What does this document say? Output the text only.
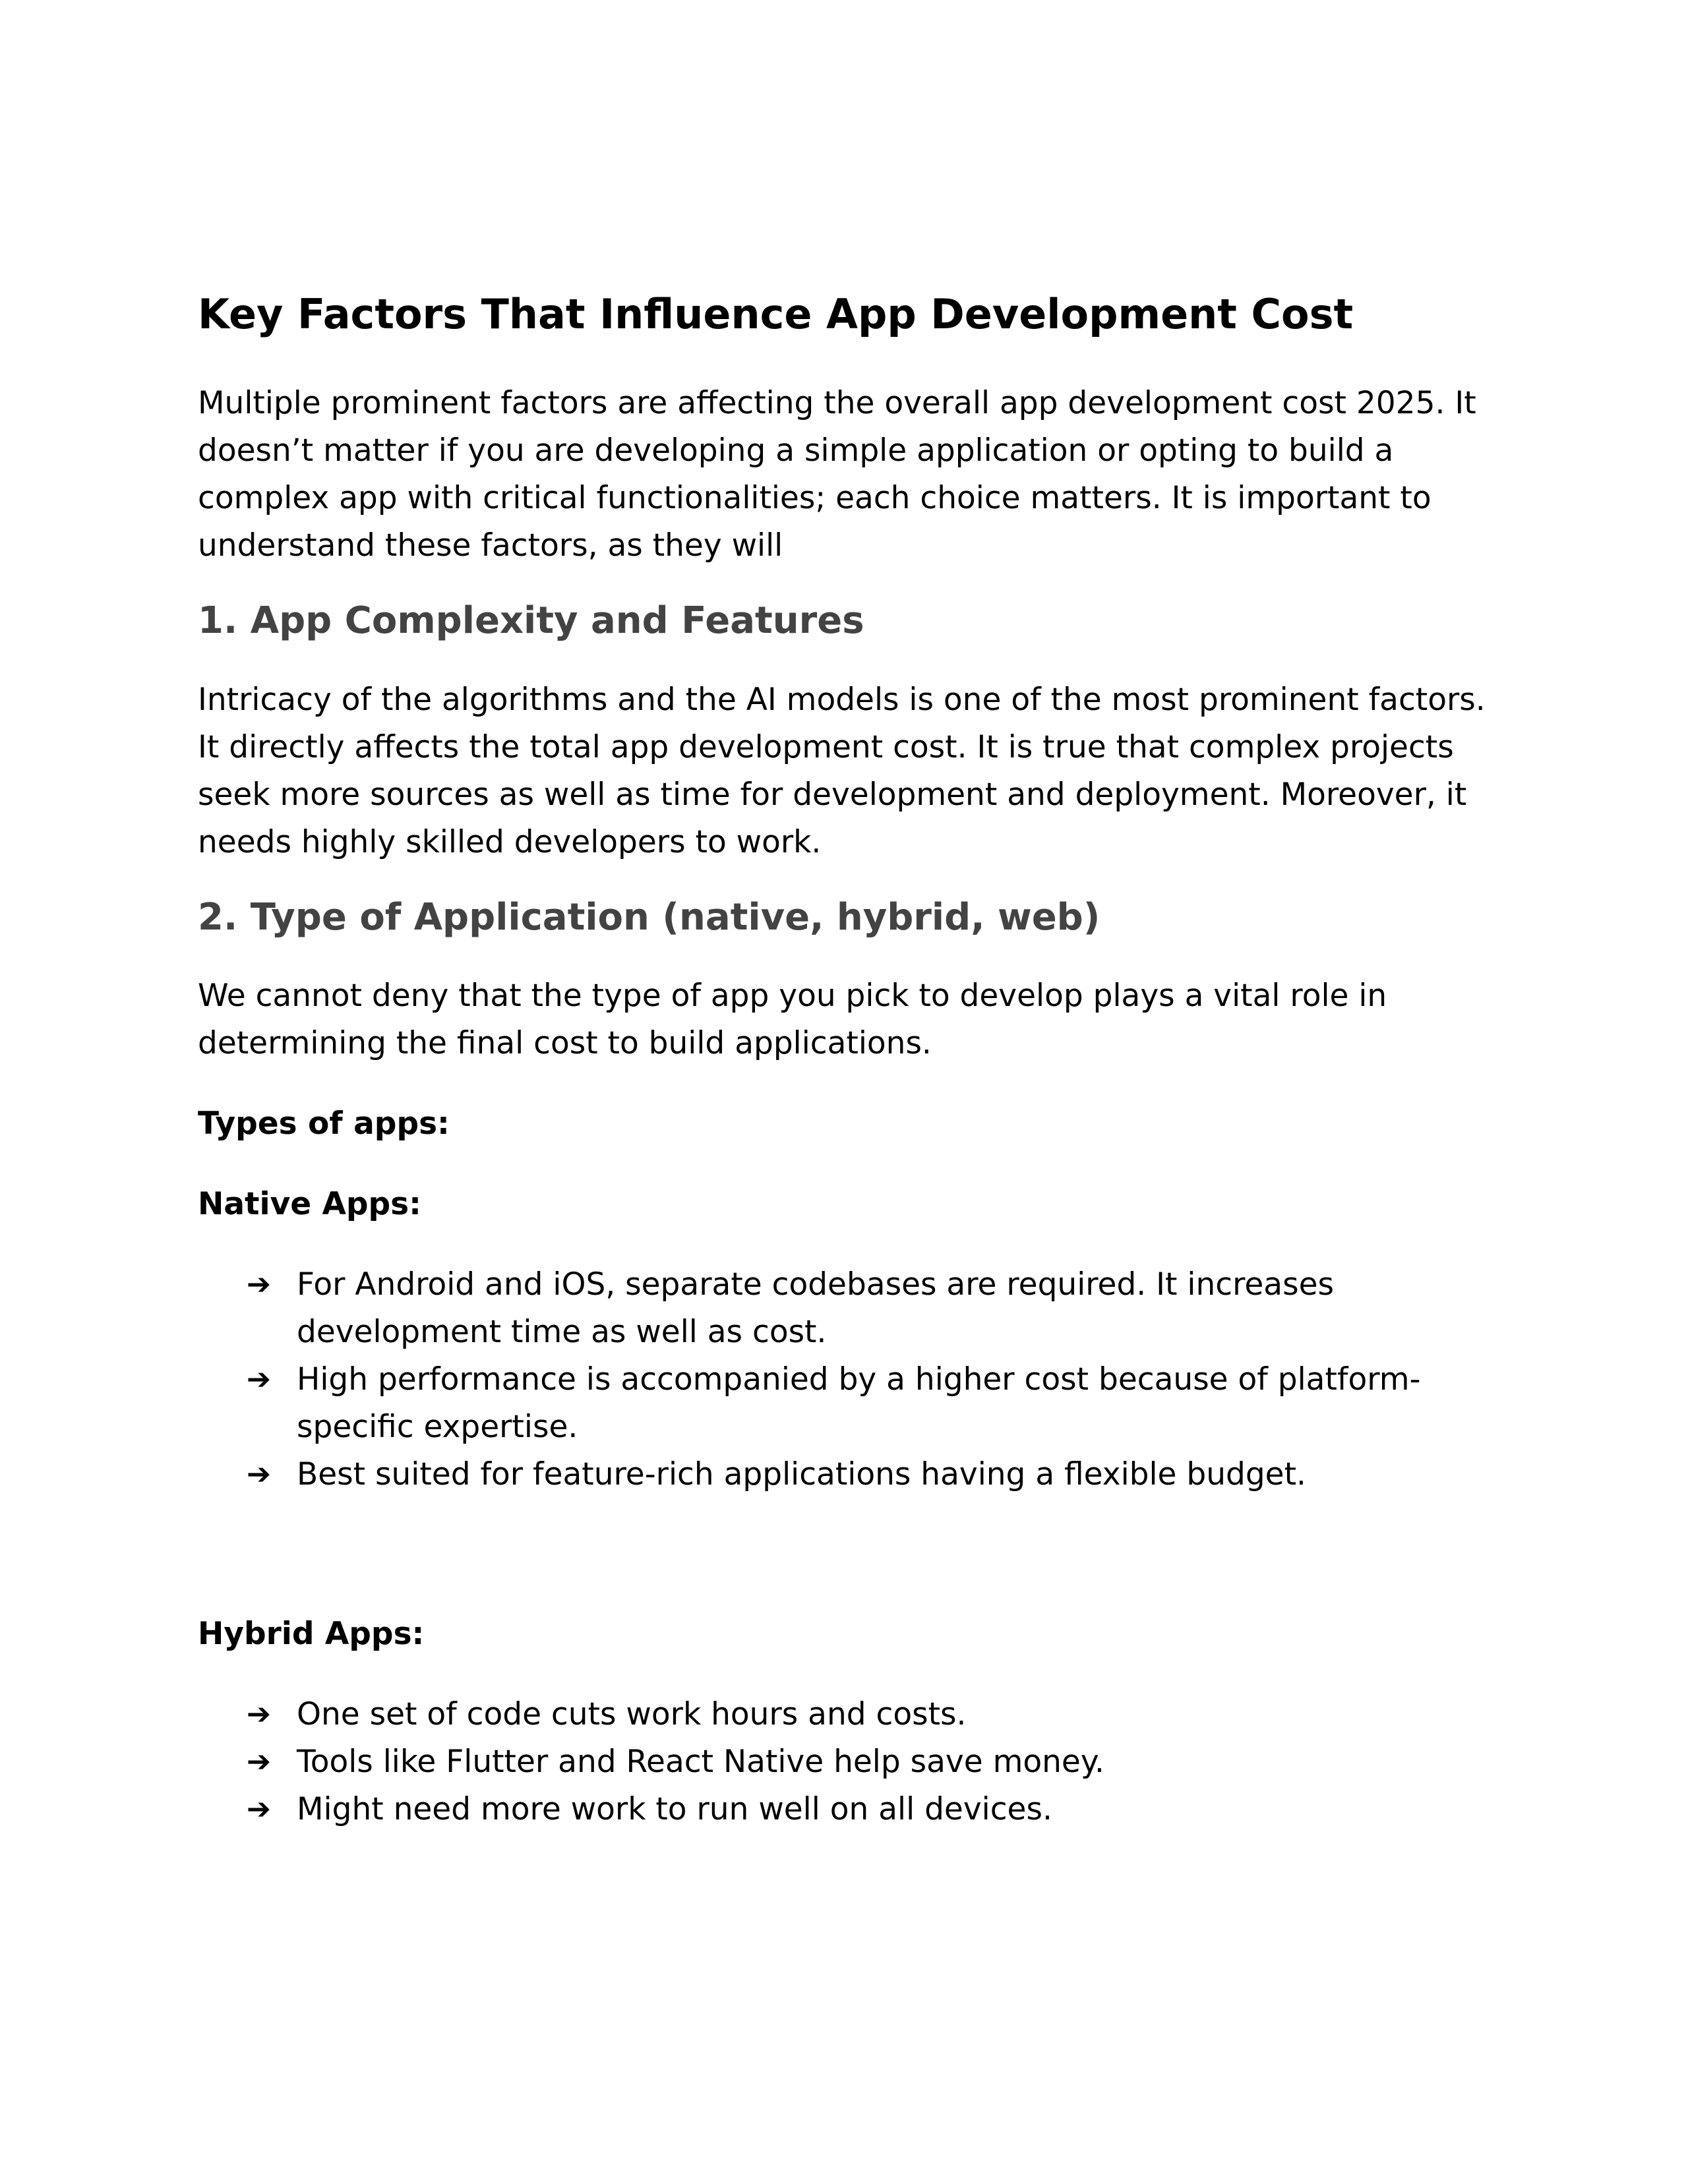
Key Factors That Influence App Development Cost

Multiple prominent factors are affecting the overall app development cost 2025. It doesn’t matter if you are developing a simple application or opting to build a complex app with critical functionalities; each choice matters. It is important to understand these factors, as they will

1. App Complexity and Features

Intricacy of the algorithms and the AI models is one of the most prominent factors. It directly affects the total app development cost. It is true that complex projects seek more sources as well as time for development and deployment. Moreover, it needs highly skilled developers to work.

2. Type of Application (native, hybrid, web)

We cannot deny that the type of app you pick to develop plays a vital role in determining the final cost to build applications.

Types of apps:

Native Apps:

➔ For Android and iOS, separate codebases are required. It increases development time as well as cost.
➔ High performance is accompanied by a higher cost because of platform-specific expertise.
➔ Best suited for feature-rich applications having a flexible budget.

Hybrid Apps:

➔ One set of code cuts work hours and costs.
➔ Tools like Flutter and React Native help save money.
➔ Might need more work to run well on all devices.
